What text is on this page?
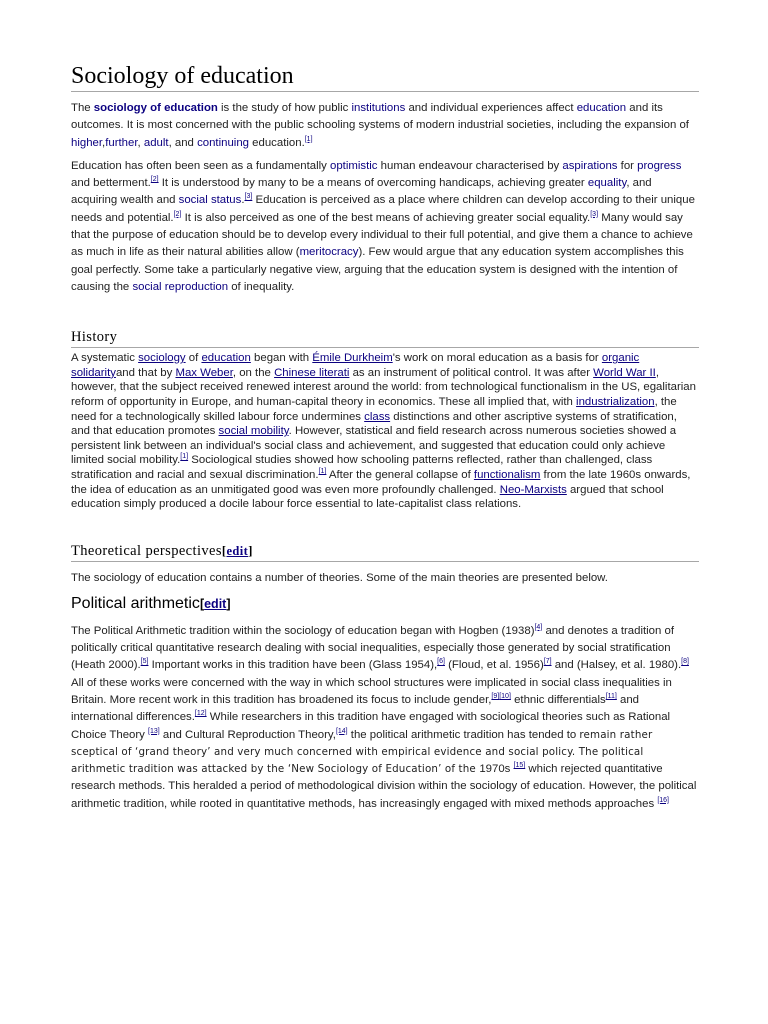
Sociology of education

The sociology of education is the study of how public institutions and individual experiences affect education and its outcomes. It is most concerned with the public schooling systems of modern industrial societies, including the expansion of higher,further, adult, and continuing education.[1]

Education has often been seen as a fundamentally optimistic human endeavour characterised by aspirations for progress and betterment.[2] It is understood by many to be a means of overcoming handicaps, achieving greater equality, and acquiring wealth and social status.[3] Education is perceived as a place where children can develop according to their unique needs and potential.[2] It is also perceived as one of the best means of achieving greater social equality.[3] Many would say that the purpose of education should be to develop every individual to their full potential, and give them a chance to achieve as much in life as their natural abilities allow (meritocracy). Few would argue that any education system accomplishes this goal perfectly. Some take a particularly negative view, arguing that the education system is designed with the intention of causing the social reproduction of inequality.

History

A systematic sociology of education began with Émile Durkheim's work on moral education as a basis for organic solidarityand that by Max Weber, on the Chinese literati as an instrument of political control. It was after World War II, however, that the subject received renewed interest around the world: from technological functionalism in the US, egalitarian reform of opportunity in Europe, and human-capital theory in economics. These all implied that, with industrialization, the need for a technologically skilled labour force undermines class distinctions and other ascriptive systems of stratification, and that education promotes social mobility. However, statistical and field research across numerous societies showed a persistent link between an individual's social class and achievement, and suggested that education could only achieve limited social mobility.[1] Sociological studies showed how schooling patterns reflected, rather than challenged, class stratification and racial and sexual discrimination.[1] After the general collapse of functionalism from the late 1960s onwards, the idea of education as an unmitigated good was even more profoundly challenged. Neo-Marxists argued that school education simply produced a docile labour force essential to late-capitalist class relations.

Theoretical perspectives[edit]

The sociology of education contains a number of theories. Some of the main theories are presented below.

Political arithmetic[edit]

The Political Arithmetic tradition within the sociology of education began with Hogben (1938)[4] and denotes a tradition of politically critical quantitative research dealing with social inequalities, especially those generated by social stratification (Heath 2000).[5] Important works in this tradition have been (Glass 1954),[6] (Floud, et al. 1956)[7] and (Halsey, et al. 1980).[8] All of these works were concerned with the way in which school structures were implicated in social class inequalities in Britain. More recent work in this tradition has broadened its focus to include gender,[9][10] ethnic differentials[11] and international differences.[12] While researchers in this tradition have engaged with sociological theories such as Rational Choice Theory [13] and Cultural Reproduction Theory,[14] the political arithmetic tradition has tended to remain rather sceptical of ‘grand theory’ and very much concerned with empirical evidence and social policy. The political arithmetic tradition was attacked by the ‘New Sociology of Education’ of the 1970s [15] which rejected quantitative research methods. This heralded a period of methodological division within the sociology of education. However, the political arithmetic tradition, while rooted in quantitative methods, has increasingly engaged with mixed methods approaches [16]
